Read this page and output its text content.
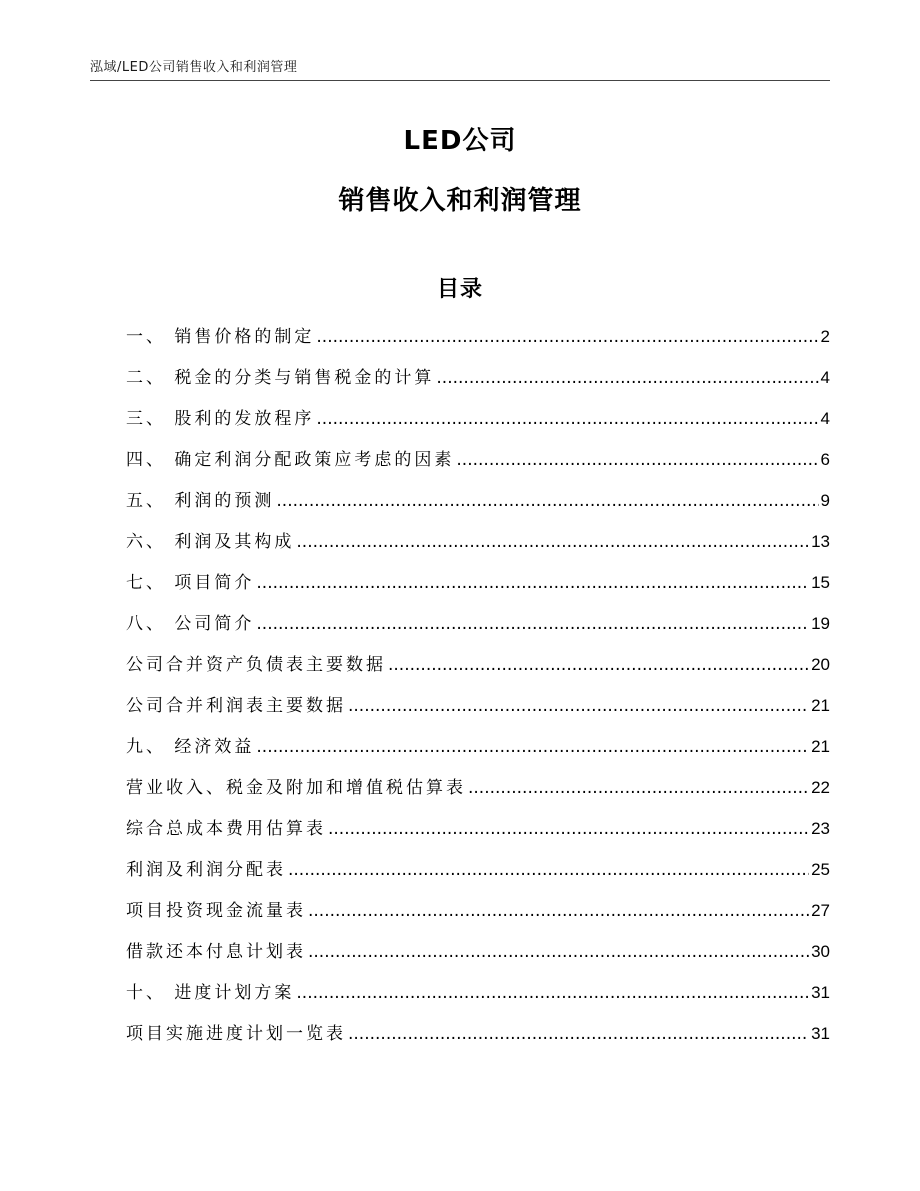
泓域/LED公司销售收入和利润管理
LED公司
销售收入和利润管理
目录
一、 销售价格的制定 .....	2
二、 税金的分类与销售税金的计算 .....	4
三、 股利的发放程序 .....	4
四、 确定利润分配政策应考虑的因素 .....	6
五、 利润的预测 .....	9
六、 利润及其构成 .....	13
七、 项目简介 .....	15
八、 公司简介 .....	19
公司合并资产负债表主要数据 .....	20
公司合并利润表主要数据 .....	21
九、 经济效益 .....	21
营业收入、税金及附加和增值税估算表 .....	22
综合总成本费用估算表 .....	23
利润及利润分配表 .....	25
项目投资现金流量表 .....	27
借款还本付息计划表 .....	30
十、 进度计划方案 .....	31
项目实施进度计划一览表 .....	31
